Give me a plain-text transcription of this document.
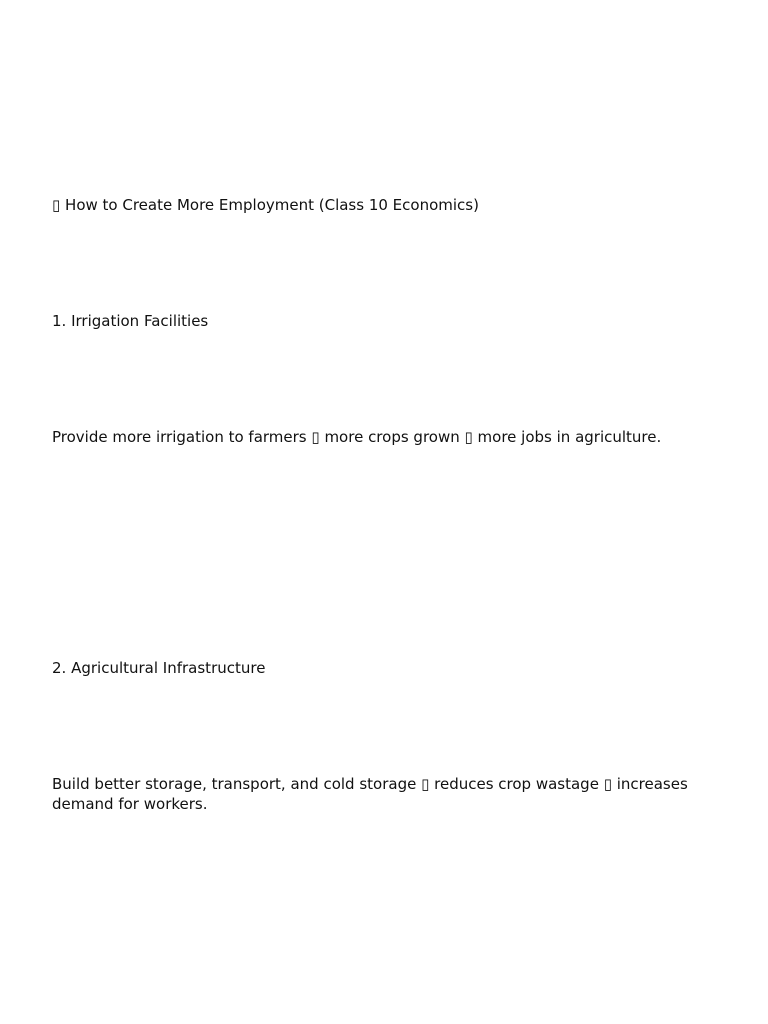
▯ How to Create More Employment (Class 10 Economics)
1. Irrigation Facilities
Provide more irrigation to farmers ▯ more crops grown ▯ more jobs in agriculture.
2. Agricultural Infrastructure
Build better storage, transport, and cold storage ▯ reduces crop wastage ▯ increases demand for workers.
